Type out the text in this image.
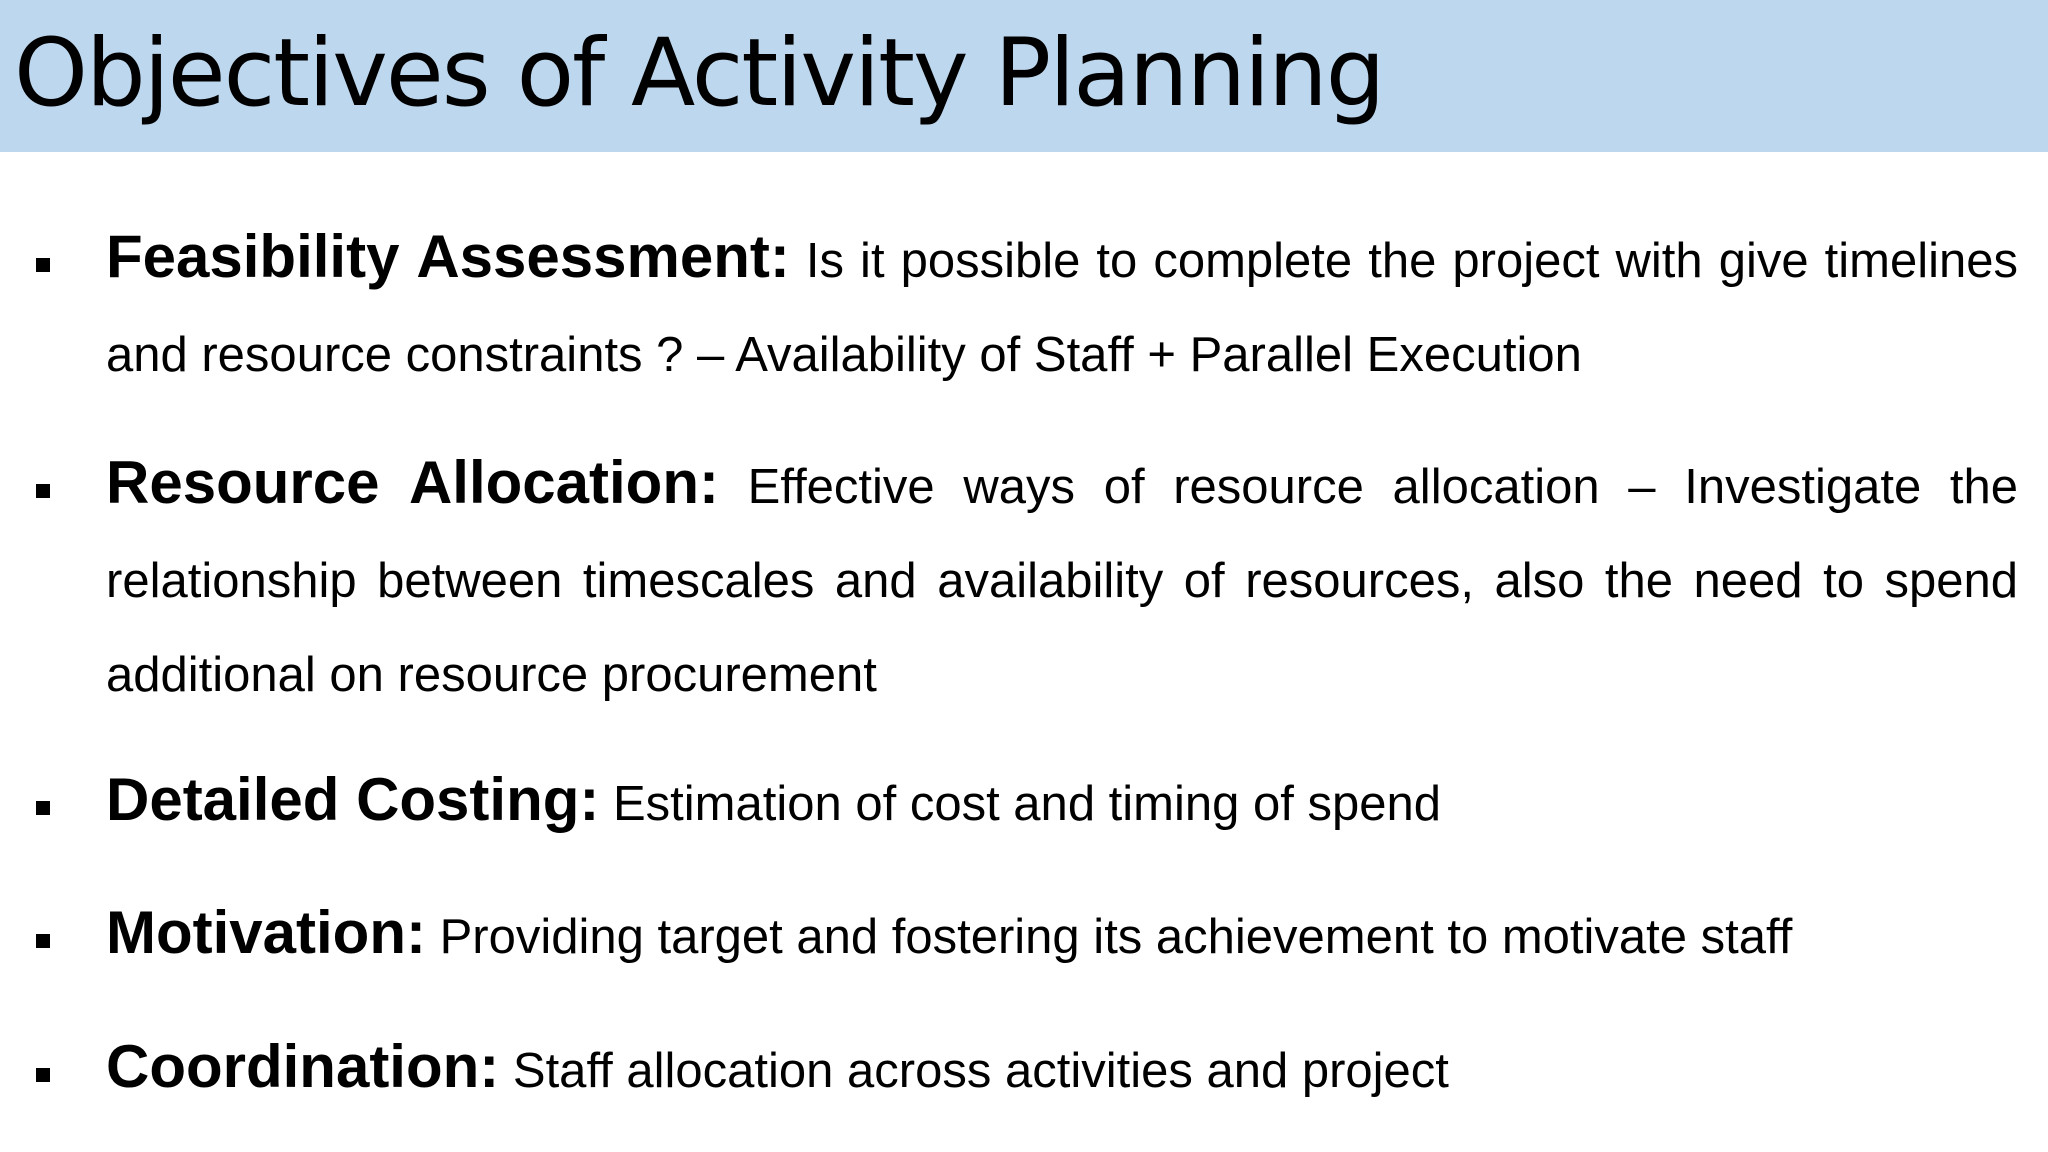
Objectives of Activity Planning

Feasibility Assessment: Is it possible to complete the project with give timelines and resource constraints ? – Availability of Staff + Parallel Execution

Resource Allocation: Effective ways of resource allocation – Investigate the relationship between timescales and availability of resources, also the need to spend additional on resource procurement

Detailed Costing: Estimation of cost and timing of spend

Motivation: Providing target and fostering its achievement to motivate staff

Coordination: Staff allocation across activities and project
